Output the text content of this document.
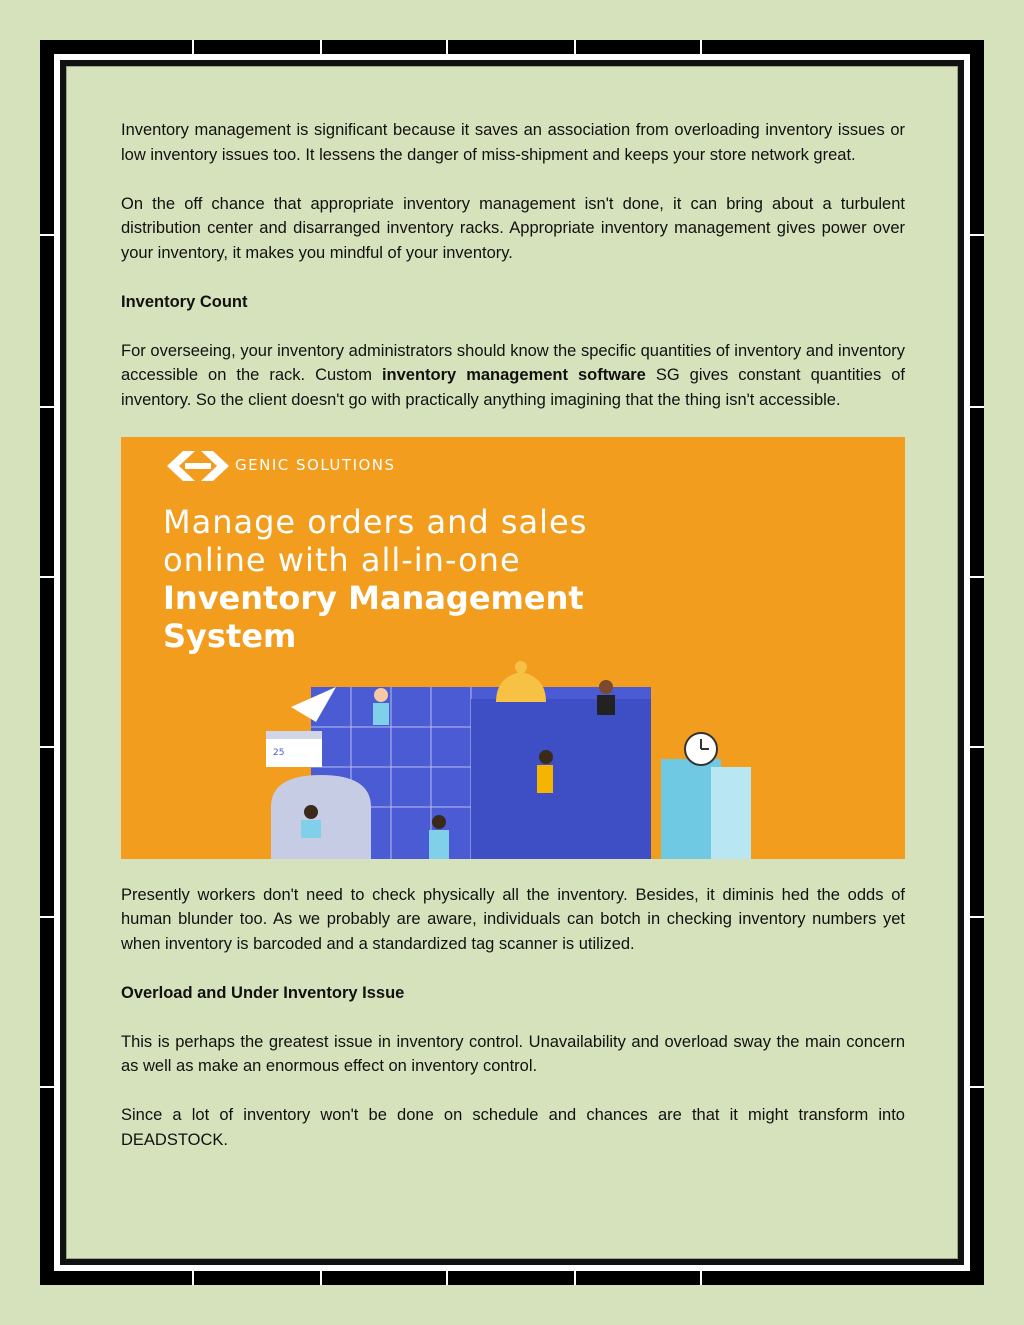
Inventory management is significant because it saves an association from overloading inventory issues or low inventory issues too. It lessens the danger of miss-shipment and keeps your store network great.

On the off chance that appropriate inventory management isn't done, it can bring about a turbulent distribution center and disarranged inventory racks. Appropriate inventory management gives power over your inventory, it makes you mindful of your inventory.

Inventory Count

For overseeing, your inventory administrators should know the specific quantities of inventory and inventory accessible on the rack. Custom inventory management software SG gives constant quantities of inventory. So the client doesn't go with practically anything imagining that the thing isn't accessible.

25
GENIC SOLUTIONS
Manage orders and sales
online with all-in-one
Inventory Management
System

Presently workers don't need to check physically all the inventory. Besides, it diminis hed the odds of human blunder too. As we probably are aware, individuals can botch in checking inventory numbers yet when inventory is barcoded and a standardized tag scanner is utilized.

Overload and Under Inventory Issue

This is perhaps the greatest issue in inventory control. Unavailability and overload sway the main concern as well as make an enormous effect on inventory control.

Since a lot of inventory won't be done on schedule and chances are that it might transform into DEADSTOCK.
